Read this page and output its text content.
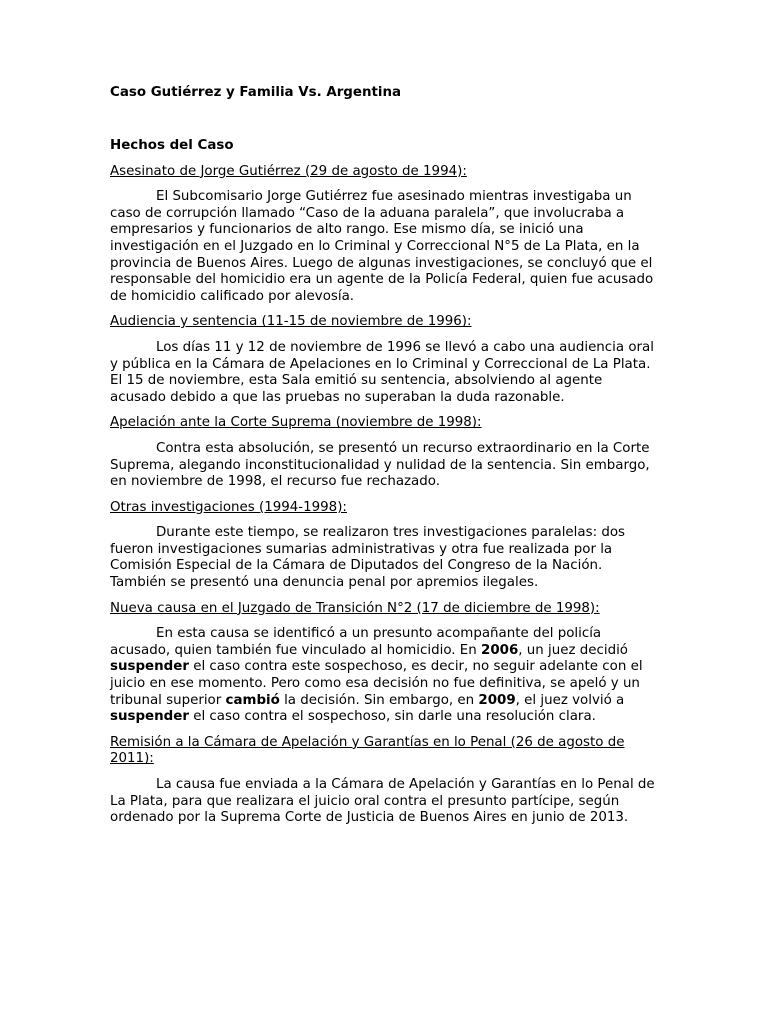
Caso Gutiérrez y Familia Vs. Argentina
Hechos del Caso
Asesinato de Jorge Gutiérrez (29 de agosto de 1994):
El Subcomisario Jorge Gutiérrez fue asesinado mientras investigaba un caso de corrupción llamado “Caso de la aduana paralela”, que involucraba a empresarios y funcionarios de alto rango. Ese mismo día, se inició una investigación en el Juzgado en lo Criminal y Correccional N°5 de La Plata, en la provincia de Buenos Aires. Luego de algunas investigaciones, se concluyó que el responsable del homicidio era un agente de la Policía Federal, quien fue acusado de homicidio calificado por alevosía.
Audiencia y sentencia (11-15 de noviembre de 1996):
Los días 11 y 12 de noviembre de 1996 se llevó a cabo una audiencia oral y pública en la Cámara de Apelaciones en lo Criminal y Correccional de La Plata. El 15 de noviembre, esta Sala emitió su sentencia, absolviendo al agente acusado debido a que las pruebas no superaban la duda razonable.
Apelación ante la Corte Suprema (noviembre de 1998):
Contra esta absolución, se presentó un recurso extraordinario en la Corte Suprema, alegando inconstitucionalidad y nulidad de la sentencia. Sin embargo, en noviembre de 1998, el recurso fue rechazado.
Otras investigaciones (1994-1998):
Durante este tiempo, se realizaron tres investigaciones paralelas: dos fueron investigaciones sumarias administrativas y otra fue realizada por la Comisión Especial de la Cámara de Diputados del Congreso de la Nación. También se presentó una denuncia penal por apremios ilegales.
Nueva causa en el Juzgado de Transición N°2 (17 de diciembre de 1998):
En esta causa se identificó a un presunto acompañante del policía acusado, quien también fue vinculado al homicidio. En 2006, un juez decidió suspender el caso contra este sospechoso, es decir, no seguir adelante con el juicio en ese momento. Pero como esa decisión no fue definitiva, se apeló y un tribunal superior cambió la decisión. Sin embargo, en 2009, el juez volvió a suspender el caso contra el sospechoso, sin darle una resolución clara.
Remisión a la Cámara de Apelación y Garantías en lo Penal (26 de agosto de 2011):
La causa fue enviada a la Cámara de Apelación y Garantías en lo Penal de La Plata, para que realizara el juicio oral contra el presunto partícipe, según ordenado por la Suprema Corte de Justicia de Buenos Aires en junio de 2013.
